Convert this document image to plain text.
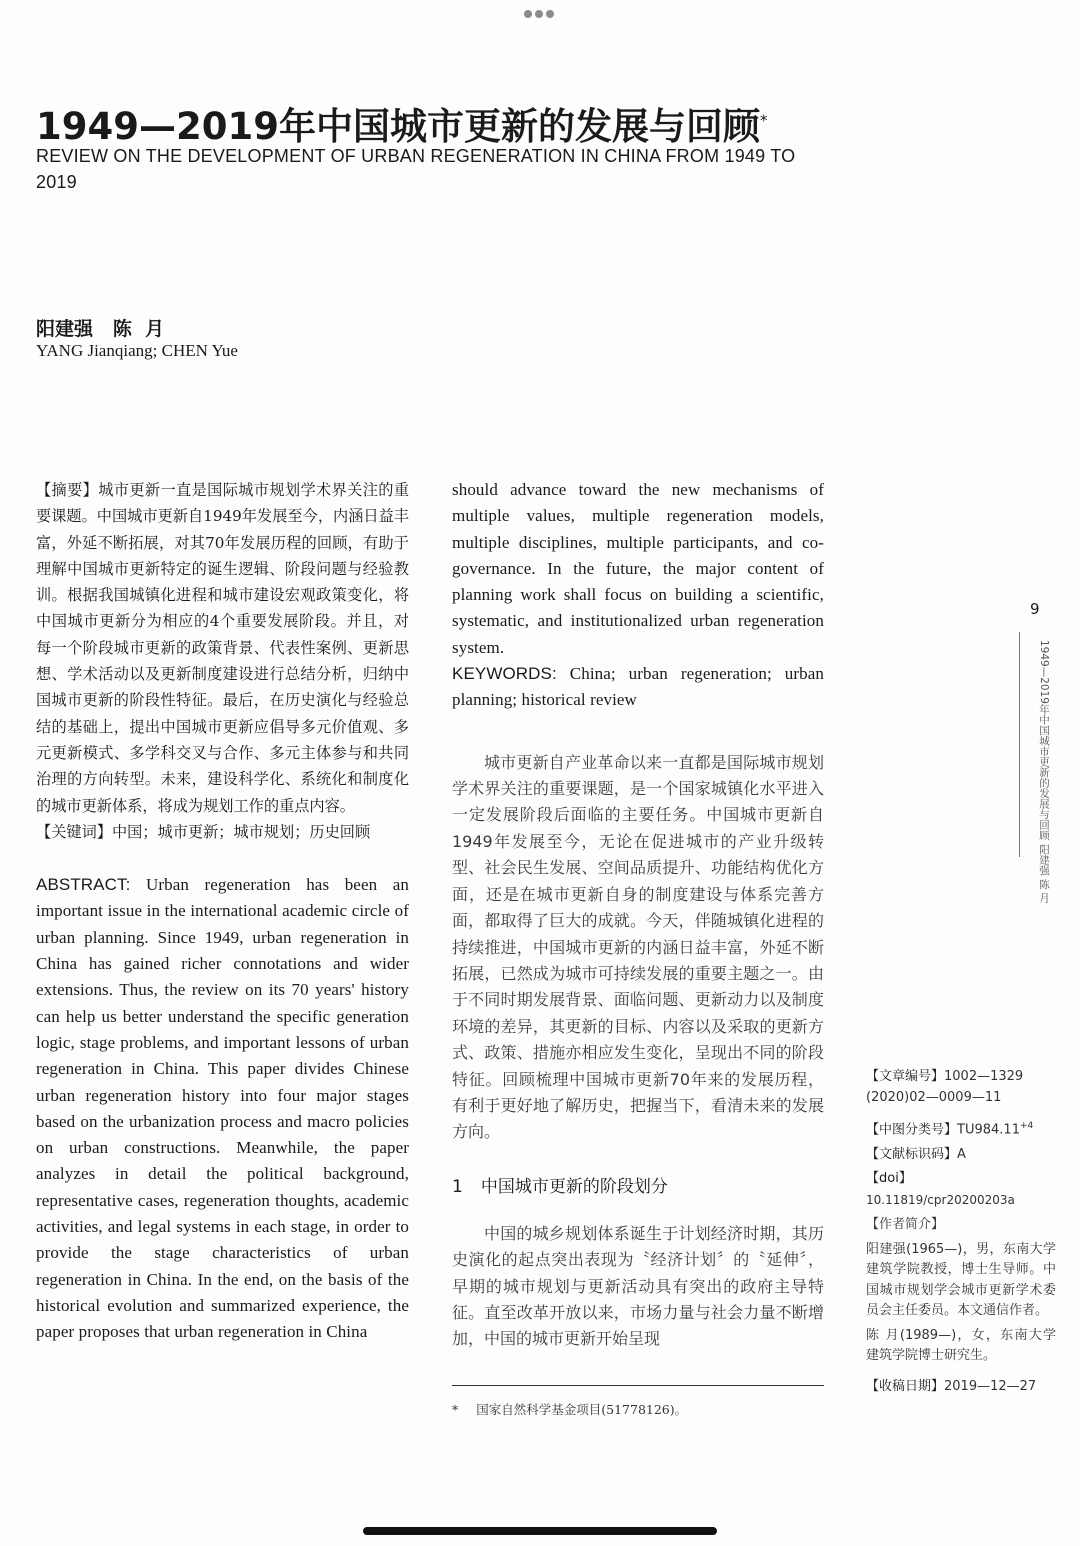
1949—2019年中国城市更新的发展与回顾*
REVIEW ON THE DEVELOPMENT OF URBAN REGENERATION IN CHINA FROM 1949 TO 2019
阳建强   陈  月
YANG Jianqiang; CHEN Yue

【摘要】城市更新一直是国际城市规划学术界关注的重要课题。中国城市更新自1949年发展至今，内涵日益丰富，外延不断拓展，对其70年发展历程的回顾，有助于理解中国城市更新特定的诞生逻辑、阶段问题与经验教训。根据我国城镇化进程和城市建设宏观政策变化，将中国城市更新分为相应的4个重要发展阶段。并且，对每一个阶段城市更新的政策背景、代表性案例、更新思想、学术活动以及更新制度建设进行总结分析，归纳中国城市更新的阶段性特征。最后，在历史演化与经验总结的基础上，提出中国城市更新应倡导多元价值观、多元更新模式、多学科交叉与合作、多元主体参与和共同治理的方向转型。未来，建设科学化、系统化和制度化的城市更新体系，将成为规划工作的重点内容。

【关键词】中国；城市更新；城市规划；历史回顾

ABSTRACT: Urban regeneration has been an important issue in the international academic circle of urban planning. Since 1949, urban regeneration in China has gained richer connotations and wider extensions. Thus, the review on its 70 years' history can help us better understand the specific generation logic, stage problems, and important lessons of urban regeneration in China. This paper divides Chinese urban regeneration history into four major stages based on the urbanization process and macro policies on urban constructions. Meanwhile, the paper analyzes in detail the political background, representative cases, regeneration thoughts, academic activities, and legal systems in each stage, in order to provide the stage characteristics of urban regeneration in China. In the end, on the basis of the historical evolution and summarized experience, the paper proposes that urban regeneration in China

should advance toward the new mechanisms of multiple values, multiple regeneration models, multiple disciplines, multiple participants, and co-governance. In the future, the major content of planning work shall focus on building a scientific, systematic, and institutionalized urban regeneration system.

KEYWORDS: China; urban regeneration; urban planning; historical review

城市更新自产业革命以来一直都是国际城市规划学术界关注的重要课题，是一个国家城镇化水平进入一定发展阶段后面临的主要任务。中国城市更新自1949年发展至今，无论在促进城市的产业升级转型、社会民生发展、空间品质提升、功能结构优化方面，还是在城市更新自身的制度建设与体系完善方面，都取得了巨大的成就。今天，伴随城镇化进程的持续推进，中国城市更新的内涵日益丰富，外延不断拓展，已然成为城市可持续发展的重要主题之一。由于不同时期发展背景、面临问题、更新动力以及制度环境的差异，其更新的目标、内容以及采取的更新方式、政策、措施亦相应发生变化，呈现出不同的阶段特征。回顾梳理中国城市更新70年来的发展历程，有利于更好地了解历史，把握当下，看清未来的发展方向。

1 中国城市更新的阶段划分

中国的城乡规划体系诞生于计划经济时期，其历史演化的起点突出表现为〝经济计划〞的〝延伸〞，早期的城市规划与更新活动具有突出的政府主导特征。直至改革开放以来，市场力量与社会力量不断增加，中国的城市更新开始呈现

* 国家自然科学基金项目(51778126)。
9
1949—2019年中国城市更新的发展与回顾 阳建强 陈 月

【文章编号】1002—1329 (2020)02—0009—11

【中图分类号】$TU984.11^{+4}$

【文献标识码】A

【doi】10.11819/cpr20200203a

【作者简介】

阳建强(1965—)，男，东南大学建筑学院教授，博士生导师。中国城市规划学会城市更新学术委员会主任委员。本文通信作者。

陈 月(1989—)，女，东南大学建筑学院博士研究生。

【收稿日期】2019—12—27
